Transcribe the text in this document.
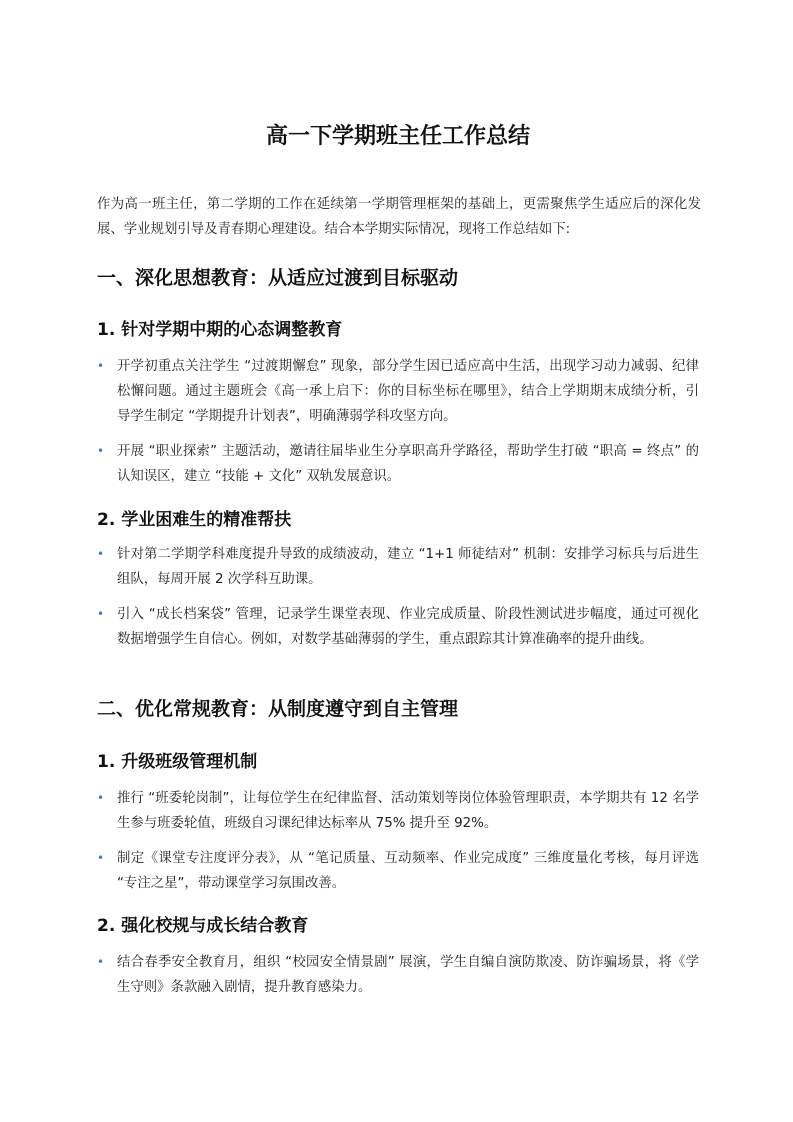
高一下学期班主任工作总结
作为高一班主任，第二学期的工作在延续第一学期管理框架的基础上，更需聚焦学生适应后的深化发展、学业规划引导及青春期心理建设。结合本学期实际情况，现将工作总结如下:
一、深化思想教育：从适应过渡到目标驱动
1. 针对学期中期的心态调整教育
• 开学初重点关注学生 “过渡期懈怠” 现象，部分学生因已适应高中生活，出现学习动力减弱、纪律松懈问题。通过主题班会《高一承上启下：你的目标坐标在哪里》，结合上学期期末成绩分析，引导学生制定 “学期提升计划表”，明确薄弱学科攻坚方向。
• 开展 “职业探索” 主题活动，邀请往届毕业生分享职高升学路径，帮助学生打破 “职高 = 终点” 的认知误区，建立 “技能 + 文化” 双轨发展意识。
2. 学业困难生的精准帮扶
• 针对第二学期学科难度提升导致的成绩波动，建立 “1+1 师徒结对” 机制：安排学习标兵与后进生组队，每周开展 2 次学科互助课。
• 引入 “成长档案袋” 管理，记录学生课堂表现、作业完成质量、阶段性测试进步幅度，通过可视化数据增强学生自信心。例如，对数学基础薄弱的学生，重点跟踪其计算准确率的提升曲线。
二、优化常规教育：从制度遵守到自主管理
1. 升级班级管理机制
• 推行 “班委轮岗制”，让每位学生在纪律监督、活动策划等岗位体验管理职责，本学期共有 12 名学生参与班委轮值，班级自习课纪律达标率从 75% 提升至 92%。
• 制定《课堂专注度评分表》，从 “笔记质量、互动频率、作业完成度” 三维度量化考核，每月评选 “专注之星”，带动课堂学习氛围改善。
2. 强化校规与成长结合教育
• 结合春季安全教育月，组织 “校园安全情景剧” 展演，学生自编自演防欺凌、防诈骗场景，将《学生守则》条款融入剧情，提升教育感染力。
